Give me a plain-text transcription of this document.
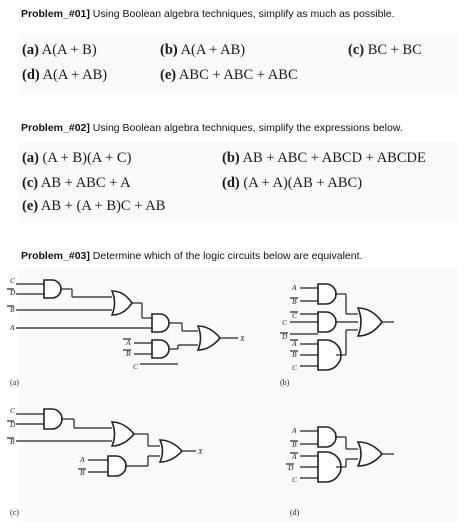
Problem_#01] Using Boolean algebra techniques, simplify as much as possible.
(a) A(A + B)	(b) A(A + AB)	(c) BC + BC
(d) A(A + AB)	(e) ABC + ABC + ABC
Problem_#02] Using Boolean algebra techniques, simplify the expressions below.
(a) (A + B)(A + C)	(b) AB + ABC + ABCD + ABCDE
(c) AB + ABC + A	(d) (A + A)(AB + ABC)
(e) AB + (A + B)C + AB
Problem_#03] Determine which of the logic circuits below are equivalent.
C
D
B
A
A
B
C
X
(a)
A
B
C
C
D
A
B
C
(b)
C
D
B
A
B
X
(c)
A
B
A
D
C
(d)
